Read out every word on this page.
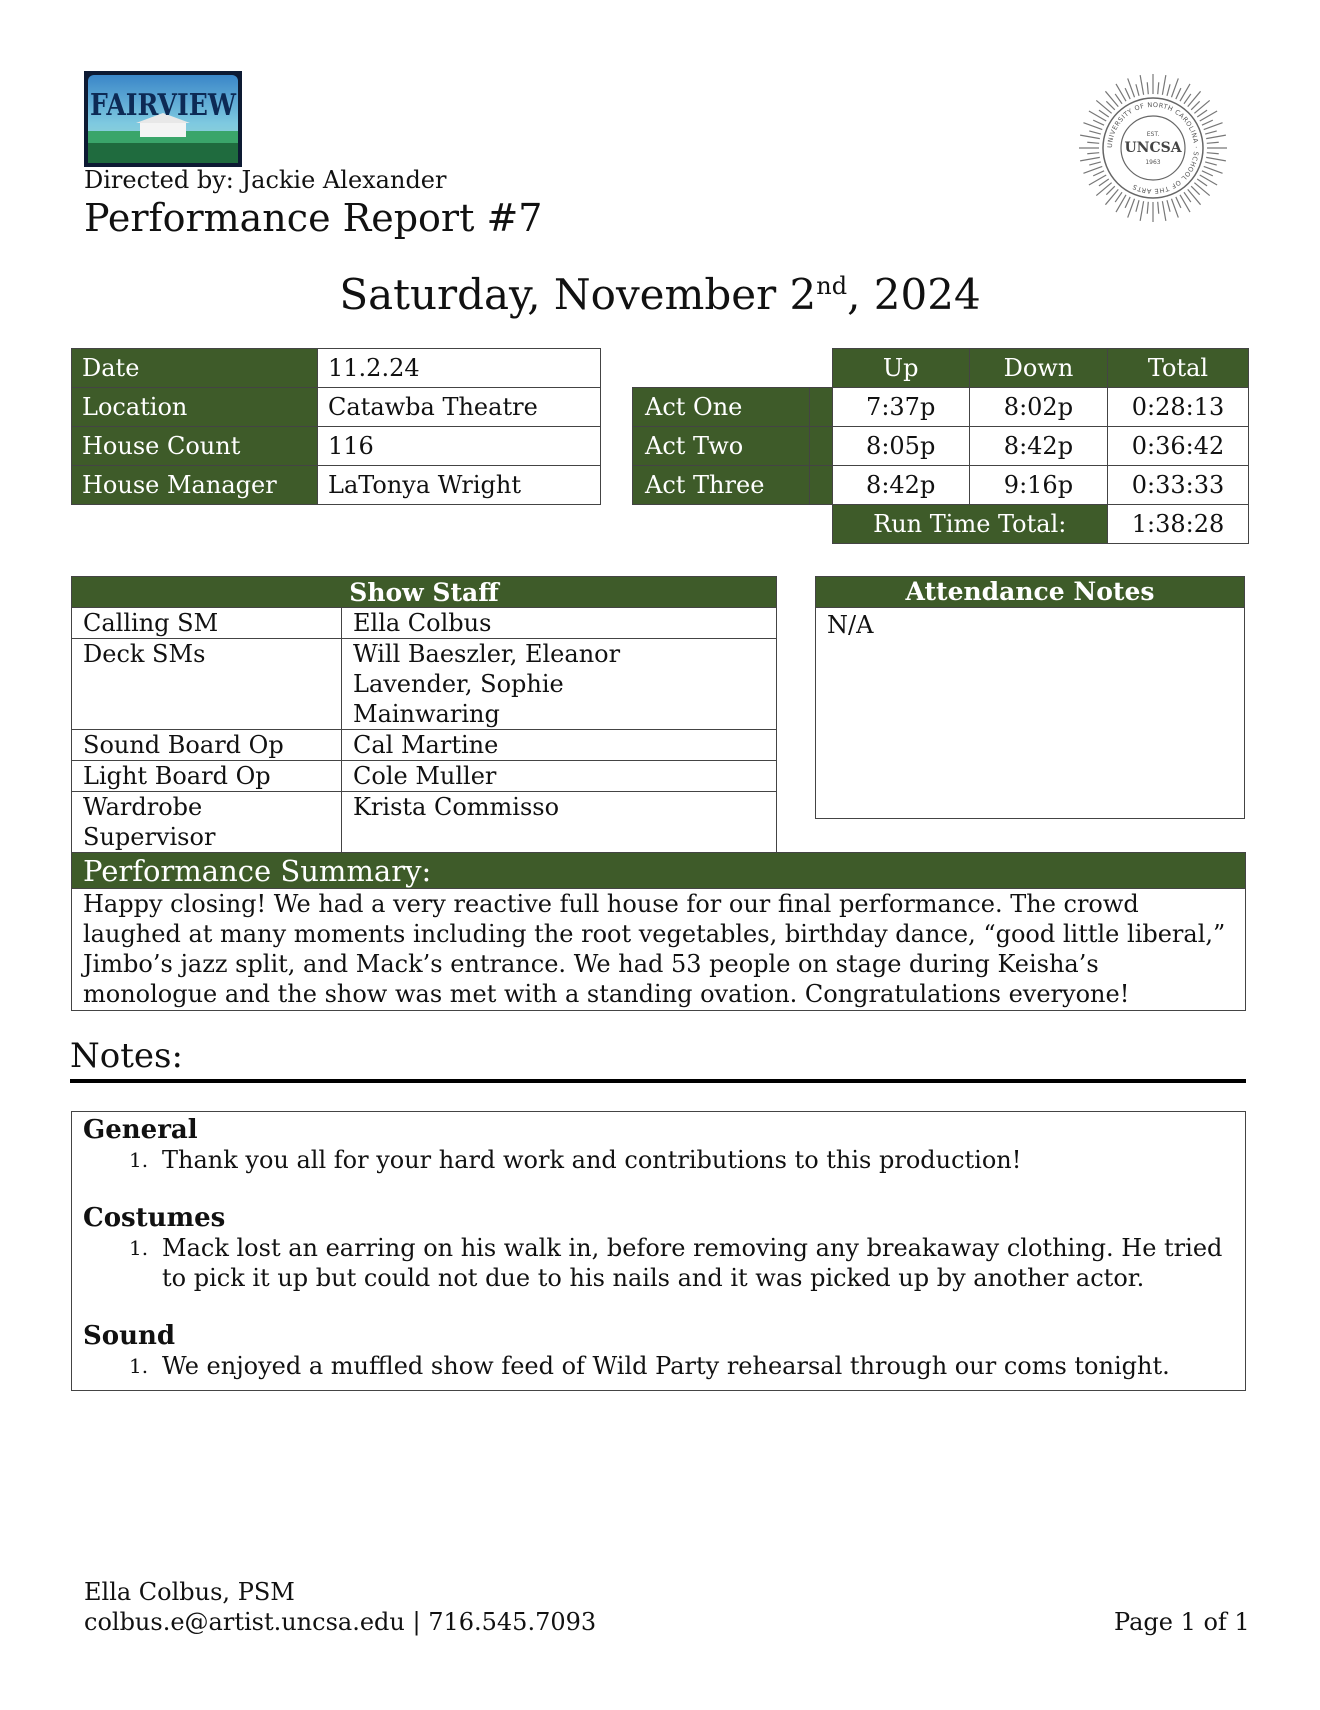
FAIRVIEW
Directed by: Jackie Alexander
Performance Report #7
UNIVERSITY OF NORTH CAROLINA · SCHOOL OF THE ARTS
EST.
UNCSA
1963
Saturday, November 2nd, 2024
Date	11.2.24
Location	Catawba Theatre
House Count	116
House Manager	LaTonya Wright
		Up	Down	Total
Act One		7:37p	8:02p	0:28:13
Act Two		8:05p	8:42p	0:36:42
Act Three		8:42p	9:16p	0:33:33
		Run Time Total:		1:38:28
Show Staff	
Calling SM	Ella Colbus
Deck SMs	Will Baeszler, Eleanor Lavender, Sophie Mainwaring
Sound Board Op	Cal Martine
Light Board Op	Cole Muller
Wardrobe Supervisor	Krista Commisso
Attendance Notes
N/A
Performance Summary:
Happy closing! We had a very reactive full house for our final performance. The crowd laughed at many moments including the root vegetables, birthday dance, “good little liberal,” Jimbo’s jazz split, and Mack’s entrance. We had 53 people on stage during Keisha’s monologue and the show was met with a standing ovation. Congratulations everyone!
Notes:
General
1. Thank you all for your hard work and contributions to this production!
Costumes
1. Mack lost an earring on his walk in, before removing any breakaway clothing. He tried to pick it up but could not due to his nails and it was picked up by another actor.
Sound
1. We enjoyed a muffled show feed of Wild Party rehearsal through our coms tonight.
Ella Colbus, PSM
colbus.e@artist.uncsa.edu | 716.545.7093	Page 1 of 1
